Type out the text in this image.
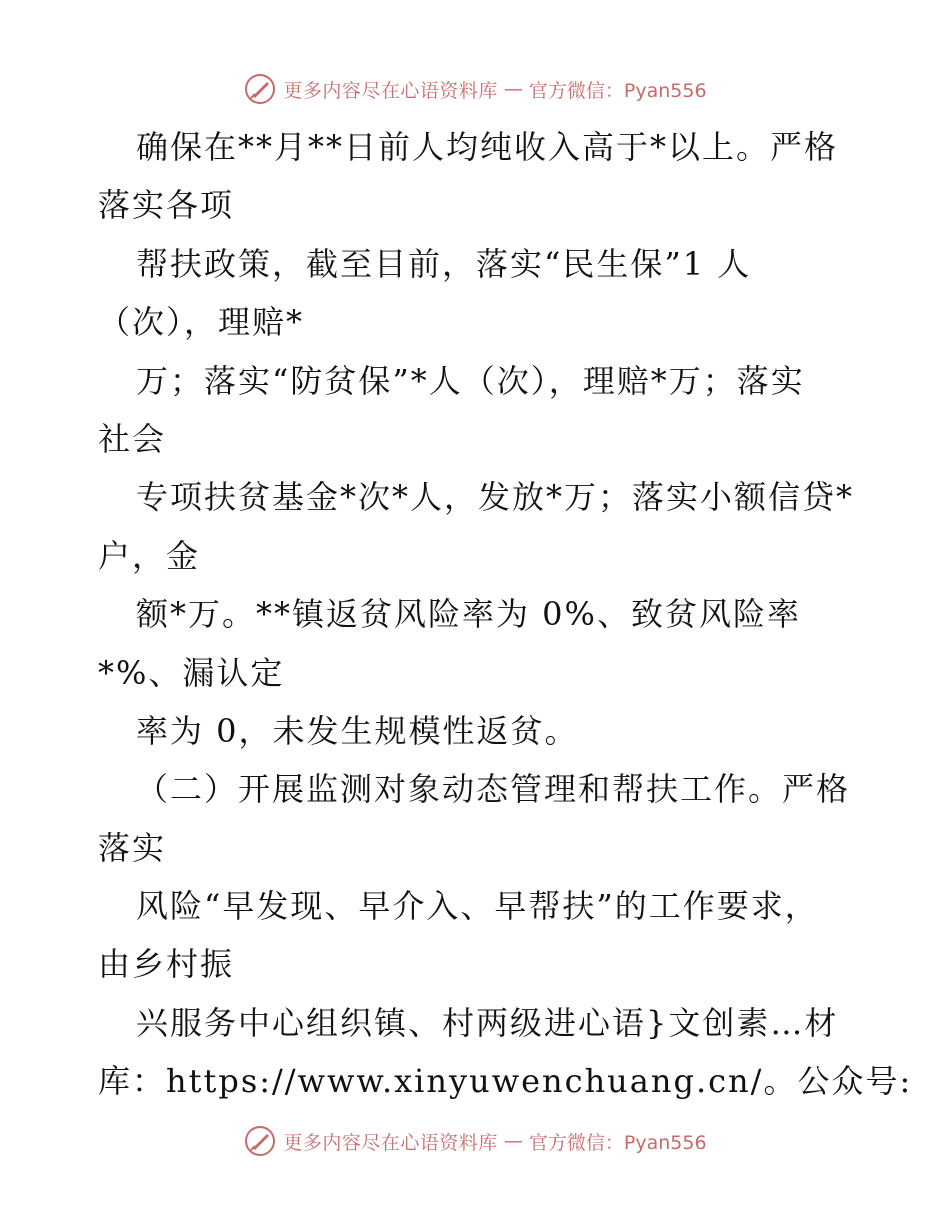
更多内容尽在心语资料库 — 官方微信：Pyan556
确保在**月**日前人均纯收入高于*以上。严格
落实各项
帮扶政策，截至目前，落实“民生保”1 人
（次），理赔*
万；落实“防贫保”*人（次），理赔*万；落实
社会
专项扶贫基金*次*人，发放*万；落实小额信贷*
户，金
额*万。**镇返贫风险率为 0%、致贫风险率
*%、漏认定
率为 0，未发生规模性返贫。
（二）开展监测对象动态管理和帮扶工作。严格
落实
风险“早发现、早介入、早帮扶”的工作要求，
由乡村振
兴服务中心组织镇、村两级进心语}文创素…材
库：https://www.xinyuwenchuang.cn/。公众号:
更多内容尽在心语资料库 — 官方微信：Pyan556
